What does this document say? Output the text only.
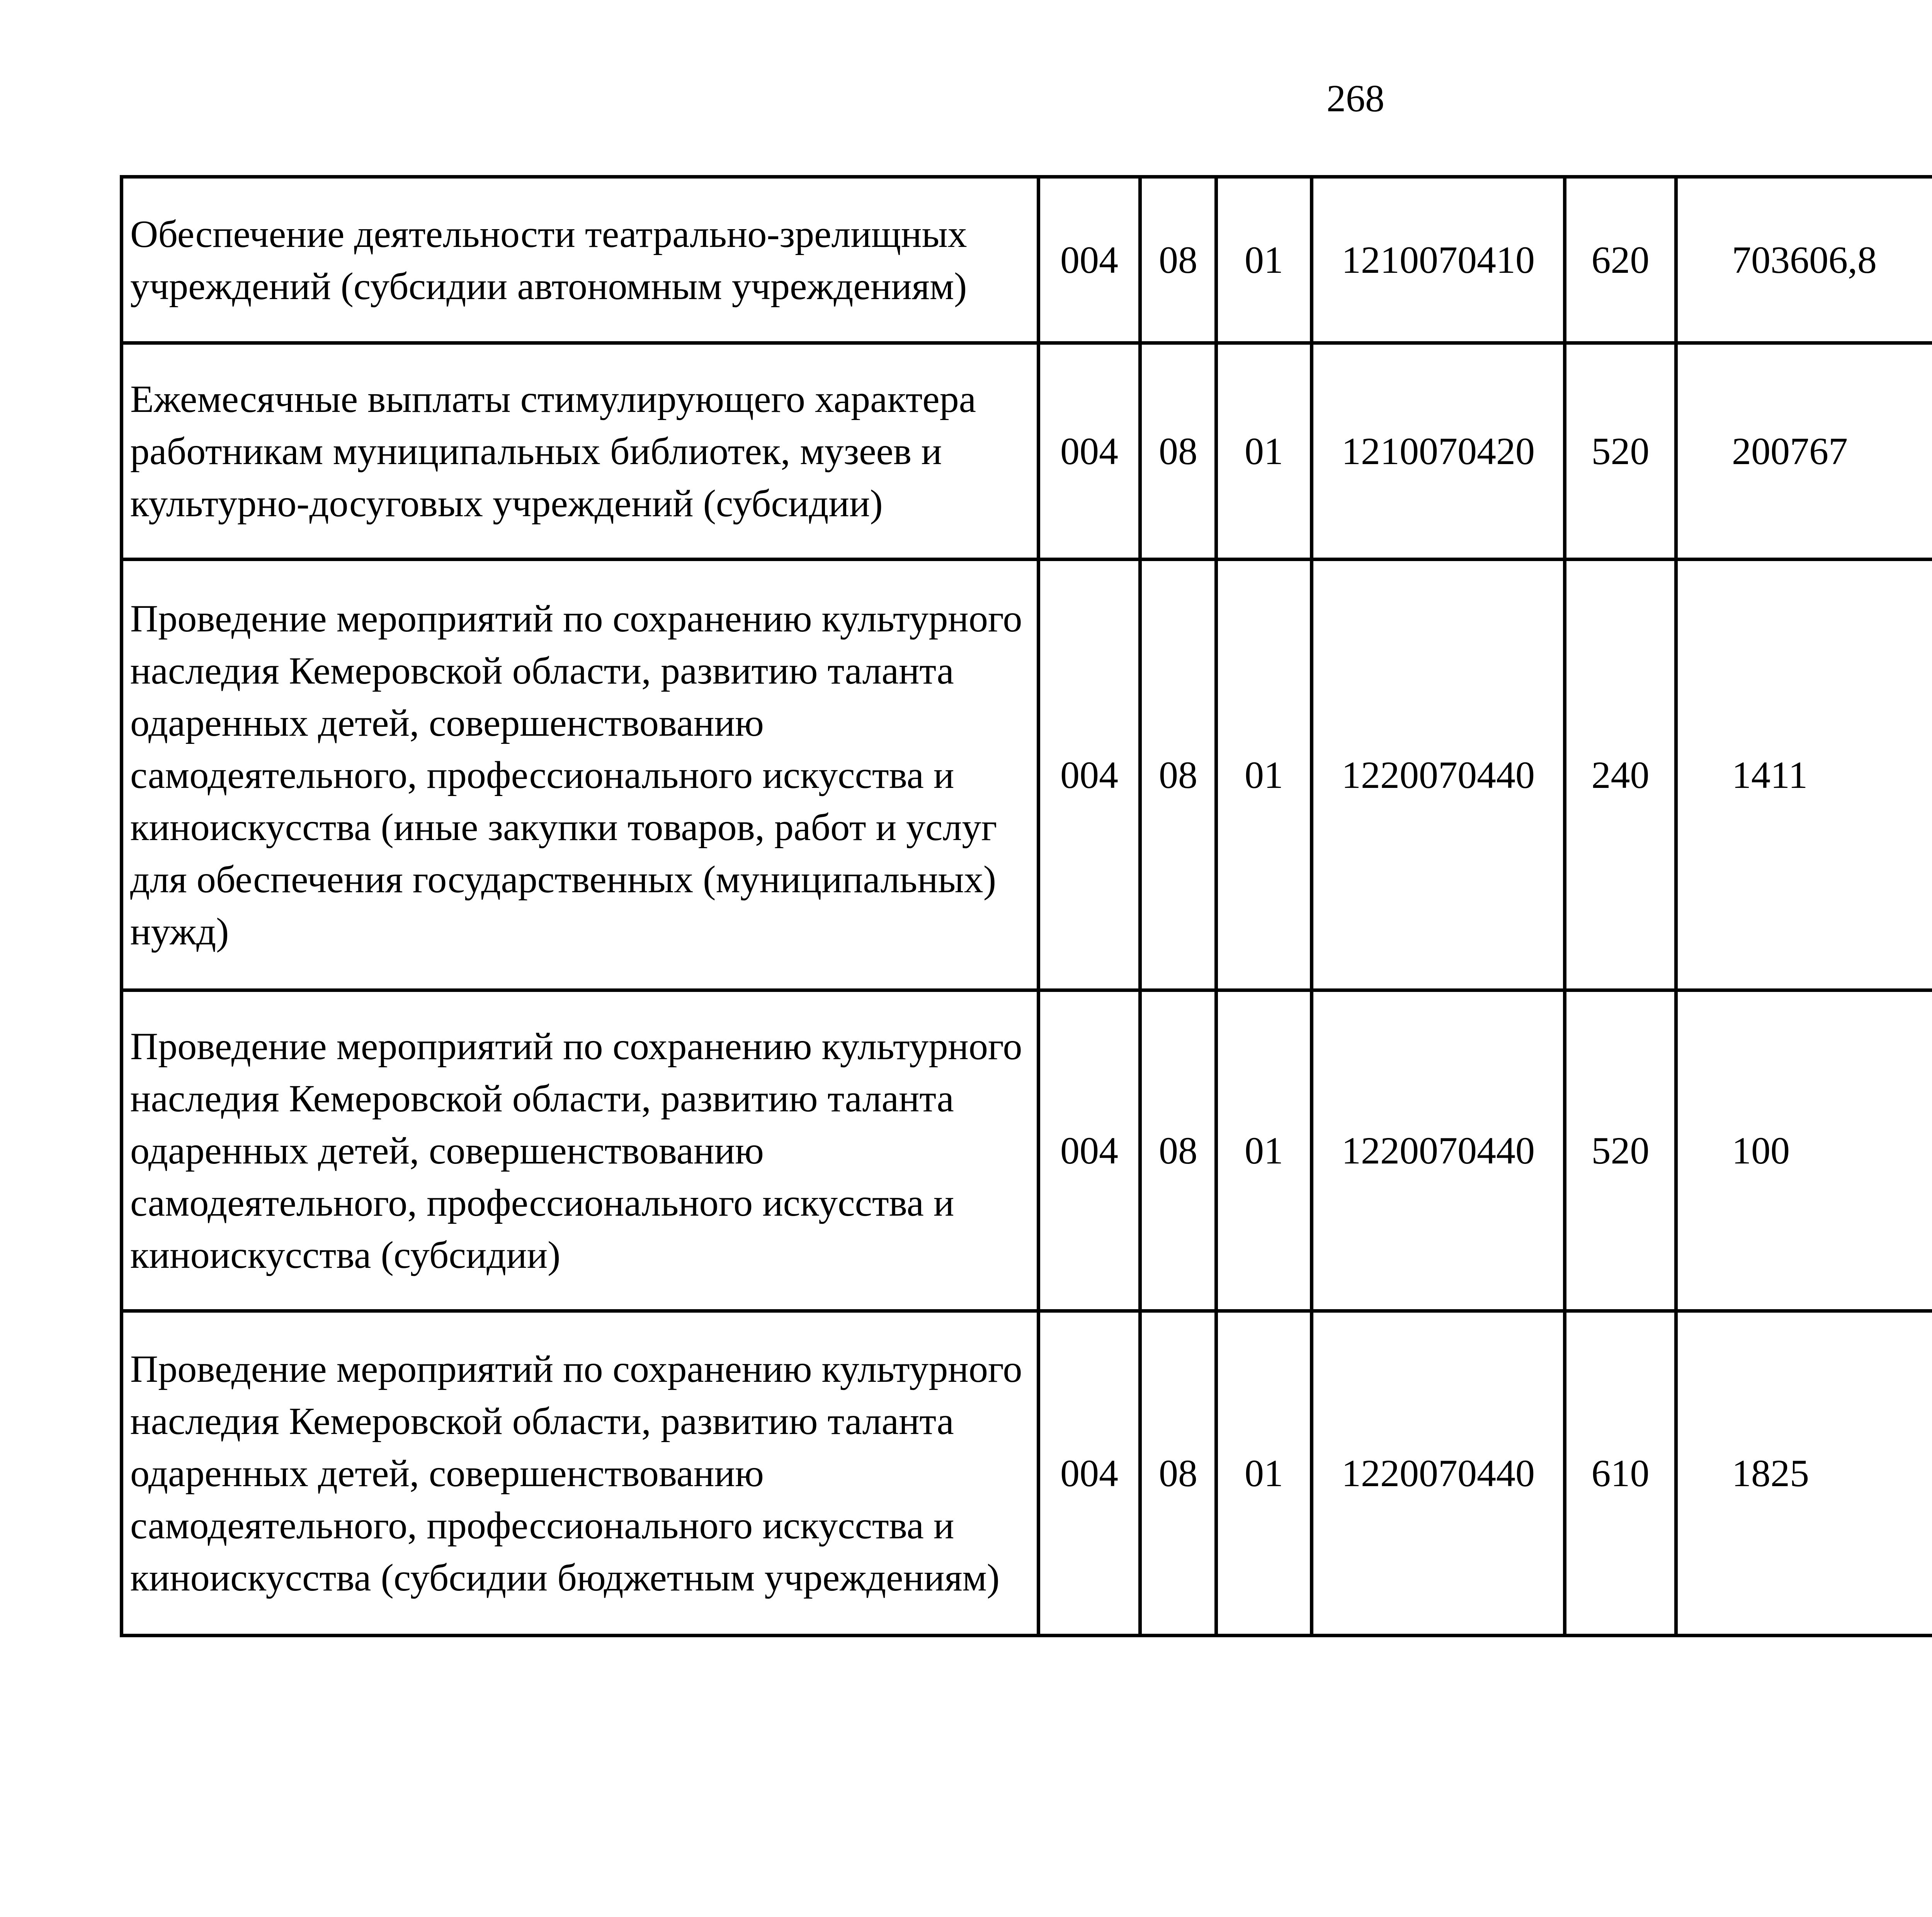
268
Обеспечение деятельности театрально-зрелищных учреждений (субсидии автономным учреждениям)	004	08	01	1210070410	620	703606,8		
Ежемесячные выплаты стимулирующего характера работникам муниципальных библиотек, музеев и культурно-досуговых учреждений (субсидии)	004	08	01	1210070420	520	200767		
Проведение мероприятий по сохранению культурного наследия Кемеровской области, развитию таланта одаренных детей, совершенствованию самодеятельного, профессионального искусства и киноискусства (иные закупки товаров, работ и услуг для обеспечения государственных (муниципальных) нужд)	004	08	01	1220070440	240	1411		
Проведение мероприятий по сохранению культурного наследия Кемеровской области, развитию таланта одаренных детей, совершенствованию самодеятельного, профессионального искусства и киноискусства (субсидии)	004	08	01	1220070440	520	100		
Проведение мероприятий по сохранению культурного наследия Кемеровской области, развитию таланта одаренных детей, совершенствованию самодеятельного, профессионального искусства и киноискусства (субсидии бюджетным учреждениям)	004	08	01	1220070440	610	1825		
